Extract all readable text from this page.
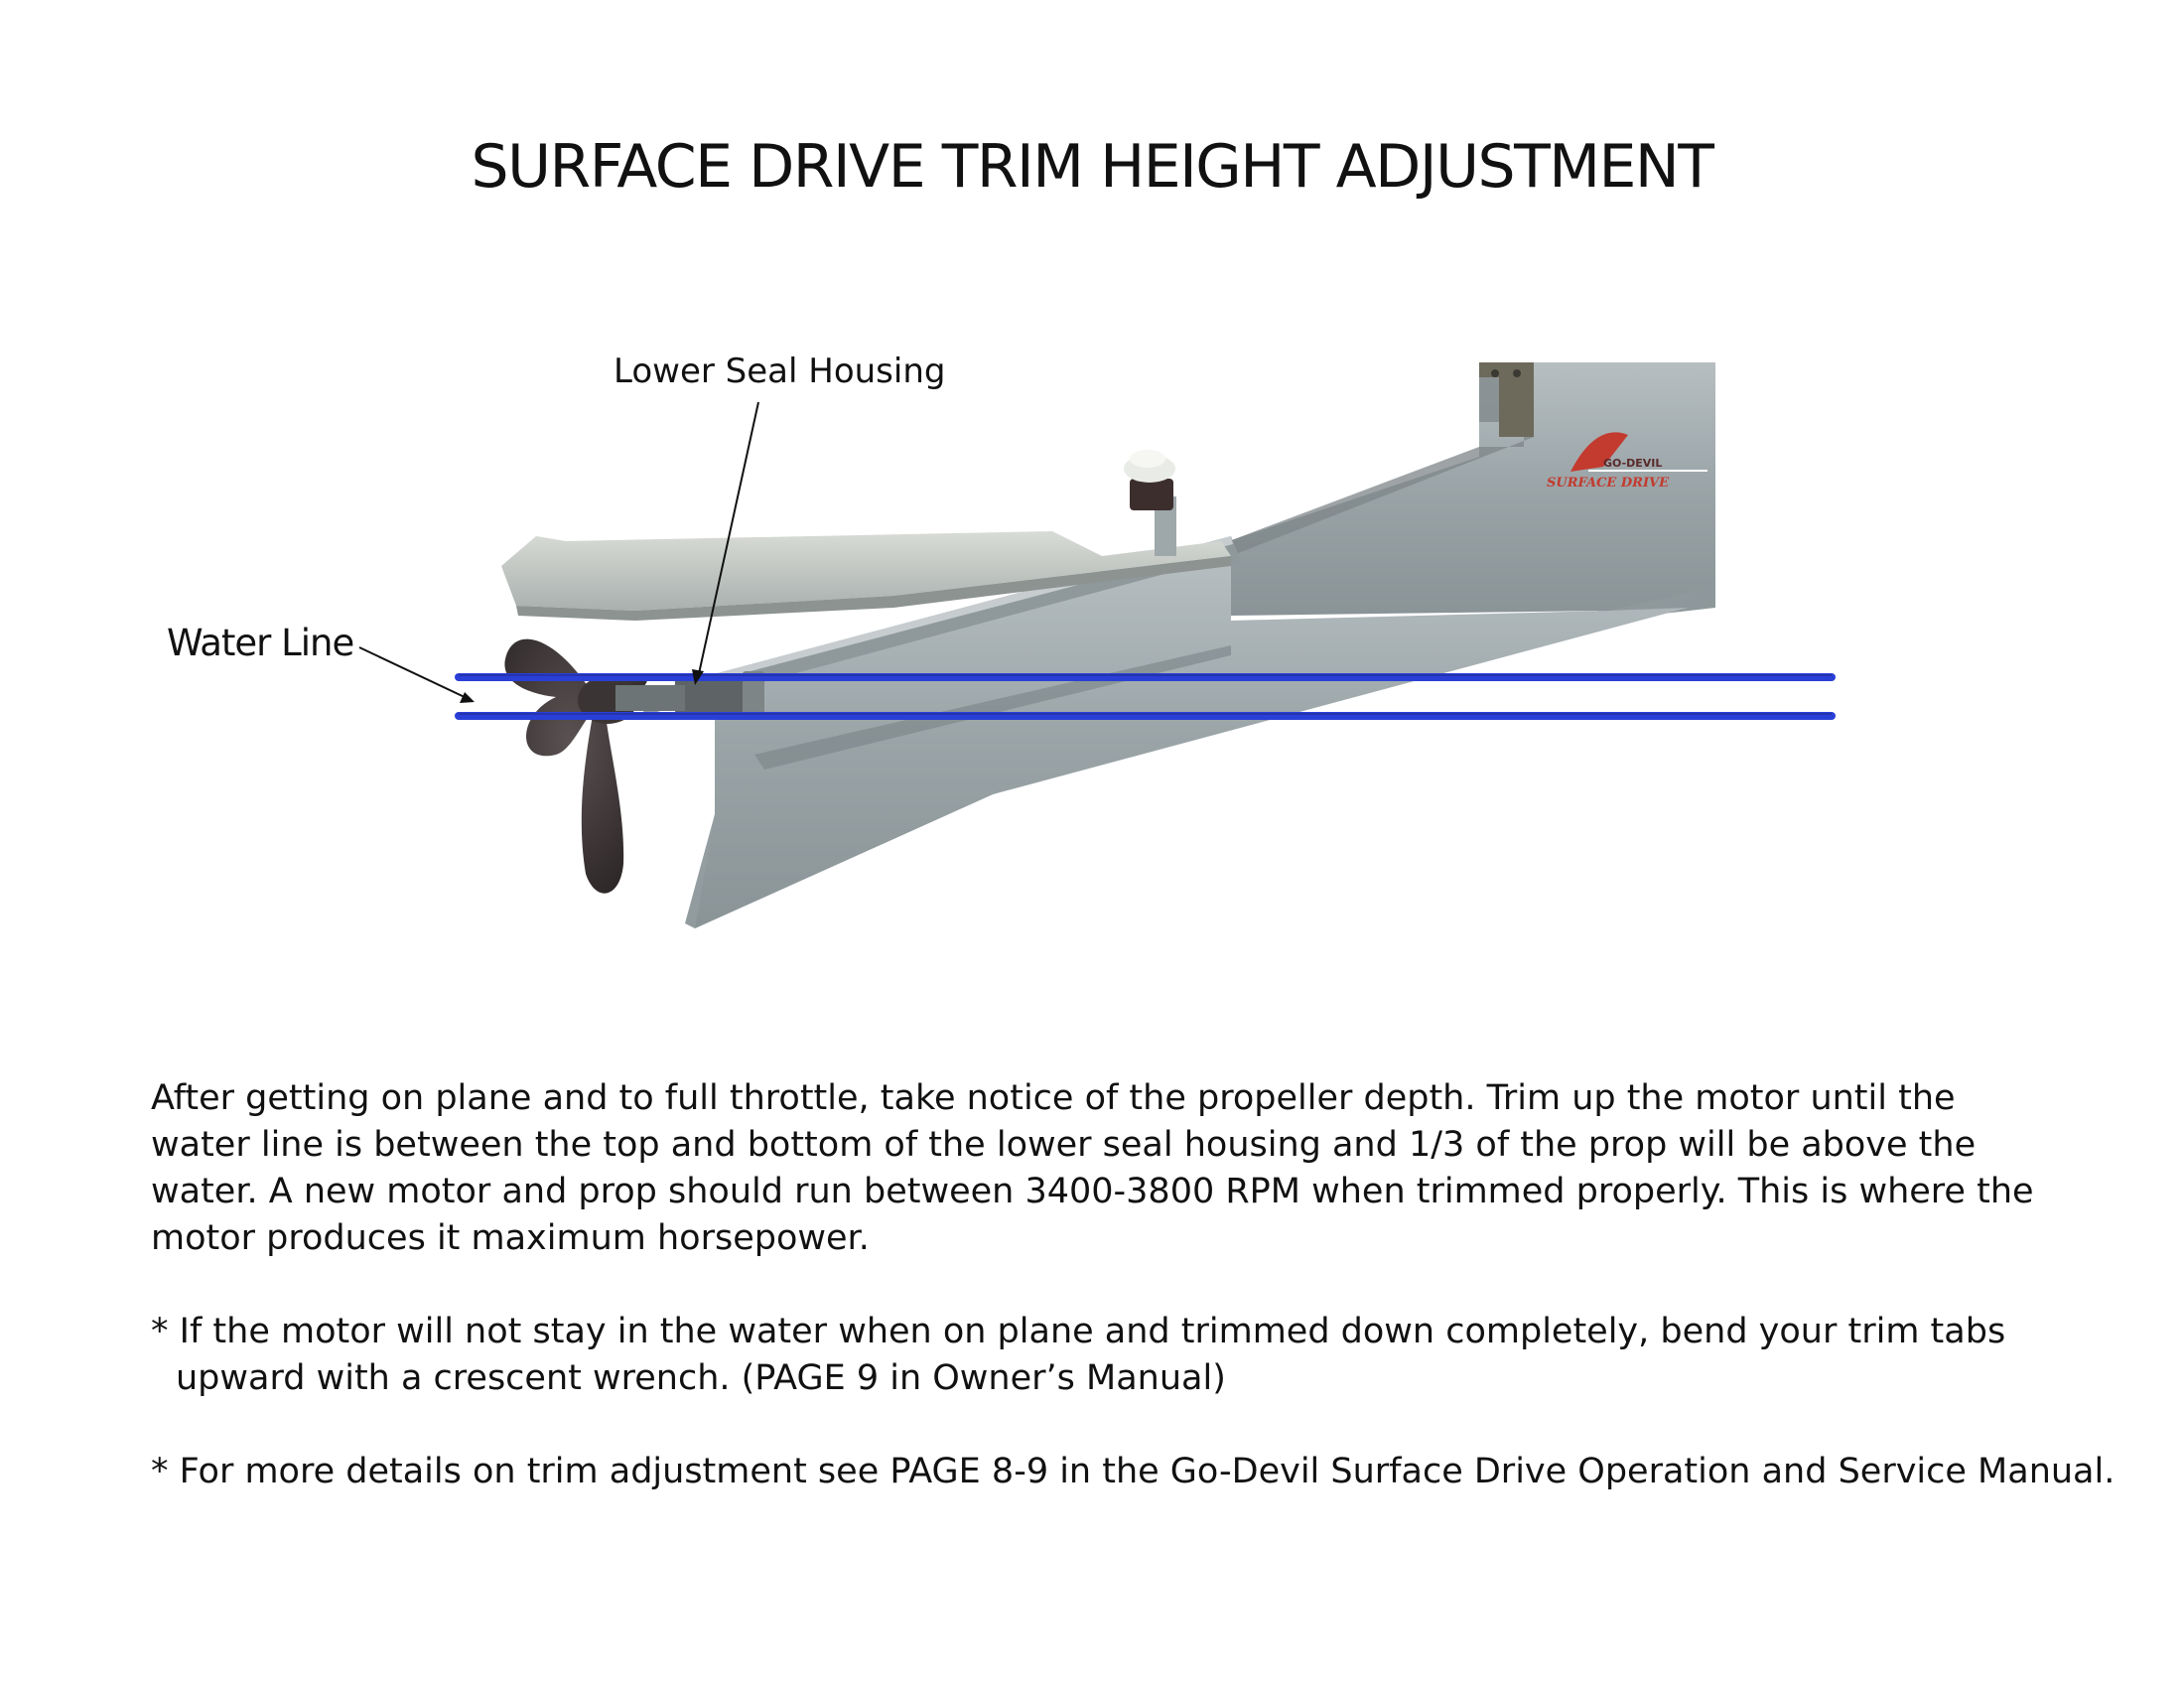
SURFACE DRIVE TRIM HEIGHT ADJUSTMENT
GO-DEVIL
SURFACE DRIVE
Lower Seal Housing
Water Line
After getting on plane and to full throttle, take notice of the propeller depth. Trim up the motor until the
water line is between the top and bottom of the lower seal housing and 1/3 of the prop will be above the
water. A new motor and prop should run between 3400-3800 RPM when trimmed properly. This is where the
motor produces it maximum horsepower.
* If the motor will not stay in the water when on plane and trimmed down completely, bend your trim tabs
upward with a crescent wrench. (PAGE 9 in Owner’s Manual)
* For more details on trim adjustment see PAGE 8-9 in the Go-Devil Surface Drive Operation and Service Manual.
